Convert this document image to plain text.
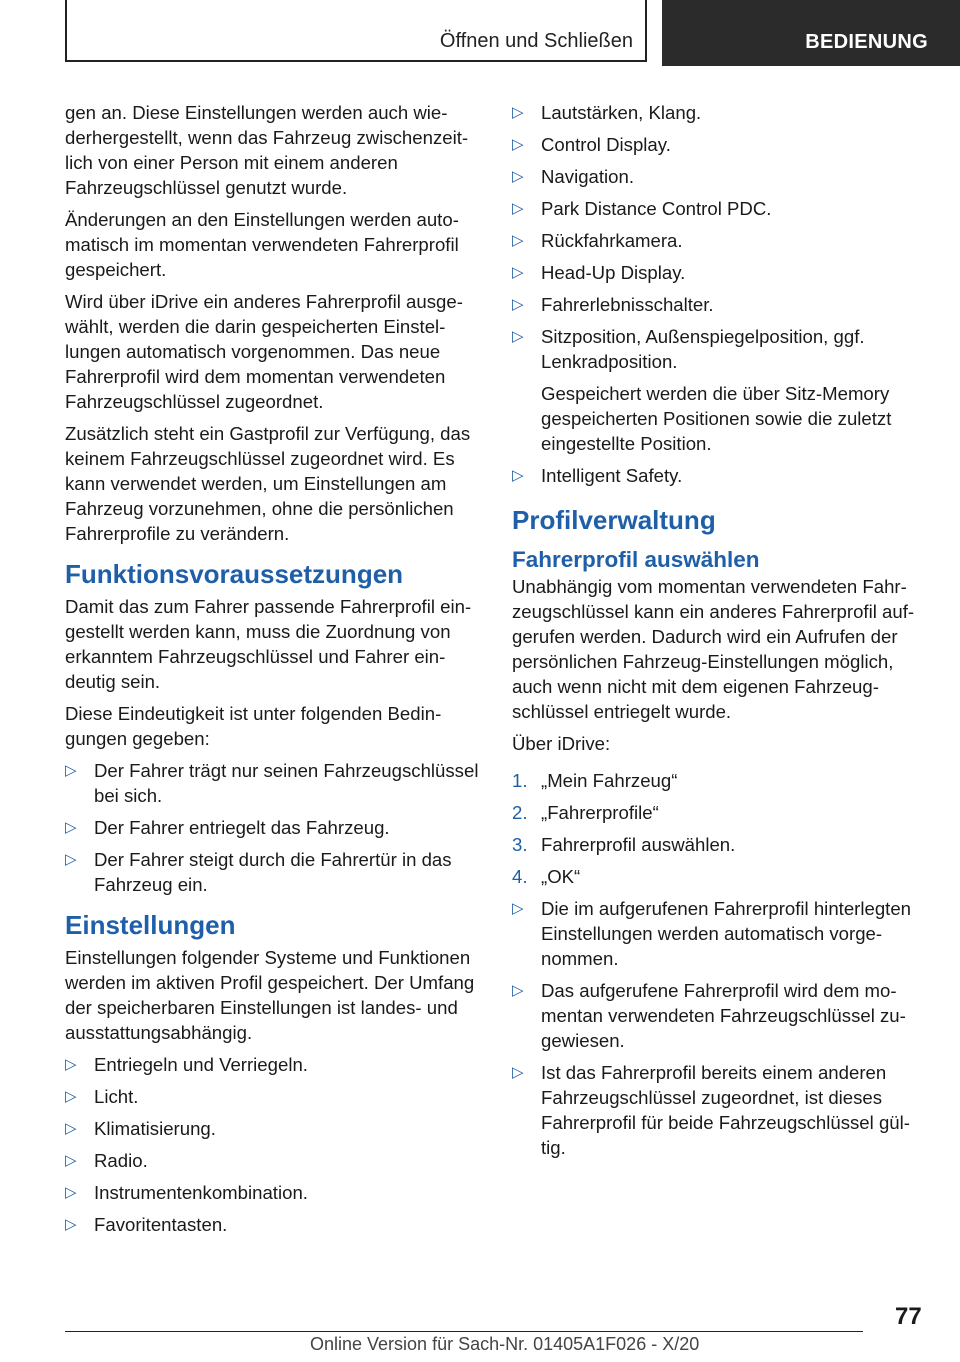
Öffnen und Schließen	BEDIENUNG

gen an. Diese Einstellungen werden auch wiederhergestellt, wenn das Fahrzeug zwischenzeitlich von einer Person mit einem anderen Fahrzeugschlüssel genutzt wurde.

Änderungen an den Einstellungen werden automatisch im momentan verwendeten Fahrerprofil gespeichert.

Wird über iDrive ein anderes Fahrerprofil ausgewählt, werden die darin gespeicherten Einstellungen automatisch vorgenommen. Das neue Fahrerprofil wird dem momentan verwendeten Fahrzeugschlüssel zugeordnet.

Zusätzlich steht ein Gastprofil zur Verfügung, das keinem Fahrzeugschlüssel zugeordnet wird. Es kann verwendet werden, um Einstellungen am Fahrzeug vorzunehmen, ohne die persönlichen Fahrerprofile zu verändern.

Funktionsvoraussetzungen

Damit das zum Fahrer passende Fahrerprofil eingestellt werden kann, muss die Zuordnung von erkanntem Fahrzeugschlüssel und Fahrer eindeutig sein.

Diese Eindeutigkeit ist unter folgenden Bedingungen gegeben:

▷ Der Fahrer trägt nur seinen Fahrzeugschlüssel bei sich.
▷ Der Fahrer entriegelt das Fahrzeug.
▷ Der Fahrer steigt durch die Fahrertür in das Fahrzeug ein.
Einstellungen

Einstellungen folgender Systeme und Funktionen werden im aktiven Profil gespeichert. Der Umfang der speicherbaren Einstellungen ist landes- und ausstattungsabhängig.

▷ Entriegeln und Verriegeln.
▷ Licht.
▷ Klimatisierung.
▷ Radio.
▷ Instrumentenkombination.
▷ Favoritentasten.
▷ Lautstärken, Klang.
▷ Control Display.
▷ Navigation.
▷ Park Distance Control PDC.
▷ Rückfahrkamera.
▷ Head-Up Display.
▷ Fahrerlebnisschalter.
▷ Sitzposition, Außenspiegelposition, ggf. Lenkradposition.
Gespeichert werden die über Sitz-Memory gespeicherten Positionen sowie die zuletzt eingestellte Position.
▷ Intelligent Safety.
Profilverwaltung
Fahrerprofil auswählen

Unabhängig vom momentan verwendeten Fahrzeugschlüssel kann ein anderes Fahrerprofil aufgerufen werden. Dadurch wird ein Aufrufen der persönlichen Fahrzeug-Einstellungen möglich, auch wenn nicht mit dem eigenen Fahrzeugschlüssel entriegelt wurde.

Über iDrive:

1. „Mein Fahrzeug“
2. „Fahrerprofile“
3. Fahrerprofil auswählen.
4. „OK“
▷ Die im aufgerufenen Fahrerprofil hinterlegten Einstellungen werden automatisch vorgenommen.
▷ Das aufgerufene Fahrerprofil wird dem momentan verwendeten Fahrzeugschlüssel zugewiesen.
▷ Ist das Fahrerprofil bereits einem anderen Fahrzeugschlüssel zugeordnet, ist dieses Fahrerprofil für beide Fahrzeugschlüssel gültig.
77
Online Version für Sach-Nr. 01405A1F026 - X/20
